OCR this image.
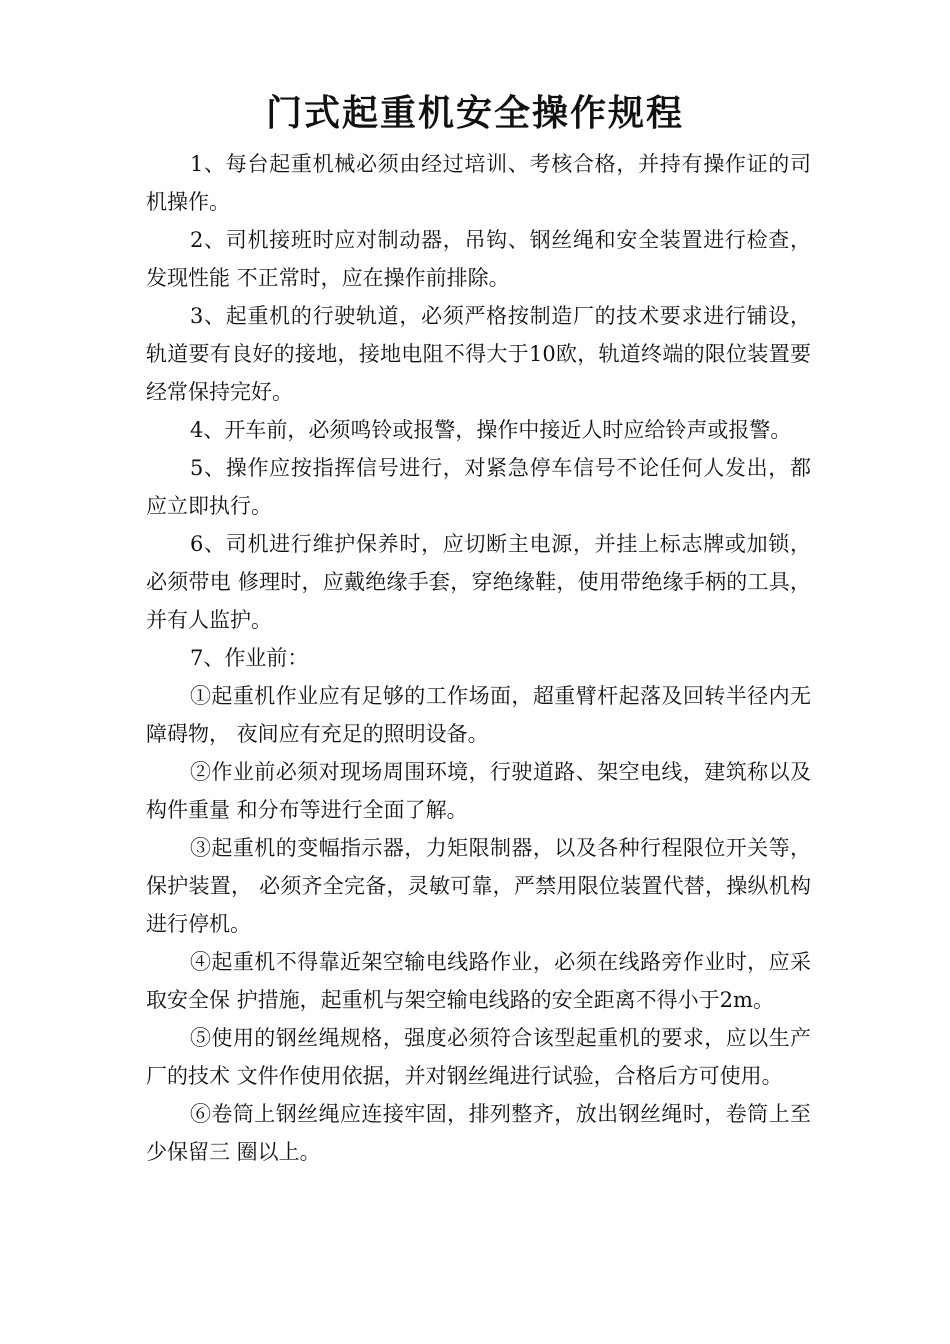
门式起重机安全操作规程

1、每台起重机械必须由经过培训、考核合格，并持有操作证的司机操作。

2、司机接班时应对制动器，吊钩、钢丝绳和安全装置进行检查，发现性能 不正常时，应在操作前排除。

3、起重机的行驶轨道，必须严格按制造厂的技术要求进行铺设，轨道要有良好的接地，接地电阻不得大于10欧，轨道终端的限位装置要经常保持完好。

4、开车前，必须鸣铃或报警，操作中接近人时应给铃声或报警。

5、操作应按指挥信号进行，对紧急停车信号不论任何人发出，都应立即执行。

6、司机进行维护保养时，应切断主电源，并挂上标志牌或加锁，必须带电 修理时，应戴绝缘手套，穿绝缘鞋，使用带绝缘手柄的工具，并有人监护。

7、作业前：

①起重机作业应有足够的工作场面，超重臂杆起落及回转半径内无障碍物， 夜间应有充足的照明设备。

②作业前必须对现场周围环境，行驶道路、架空电线，建筑称以及构件重量 和分布等进行全面了解。

③起重机的变幅指示器，力矩限制器，以及各种行程限位开关等，保护装置， 必须齐全完备，灵敏可靠，严禁用限位装置代替，操纵机构进行停机。

④起重机不得靠近架空输电线路作业，必须在线路旁作业时，应采取安全保 护措施，起重机与架空输电线路的安全距离不得小于2m。

⑤使用的钢丝绳规格，强度必须符合该型起重机的要求，应以生产厂的技术 文件作使用依据，并对钢丝绳进行试验，合格后方可使用。

⑥卷筒上钢丝绳应连接牢固，排列整齐，放出钢丝绳时，卷筒上至少保留三 圈以上。
